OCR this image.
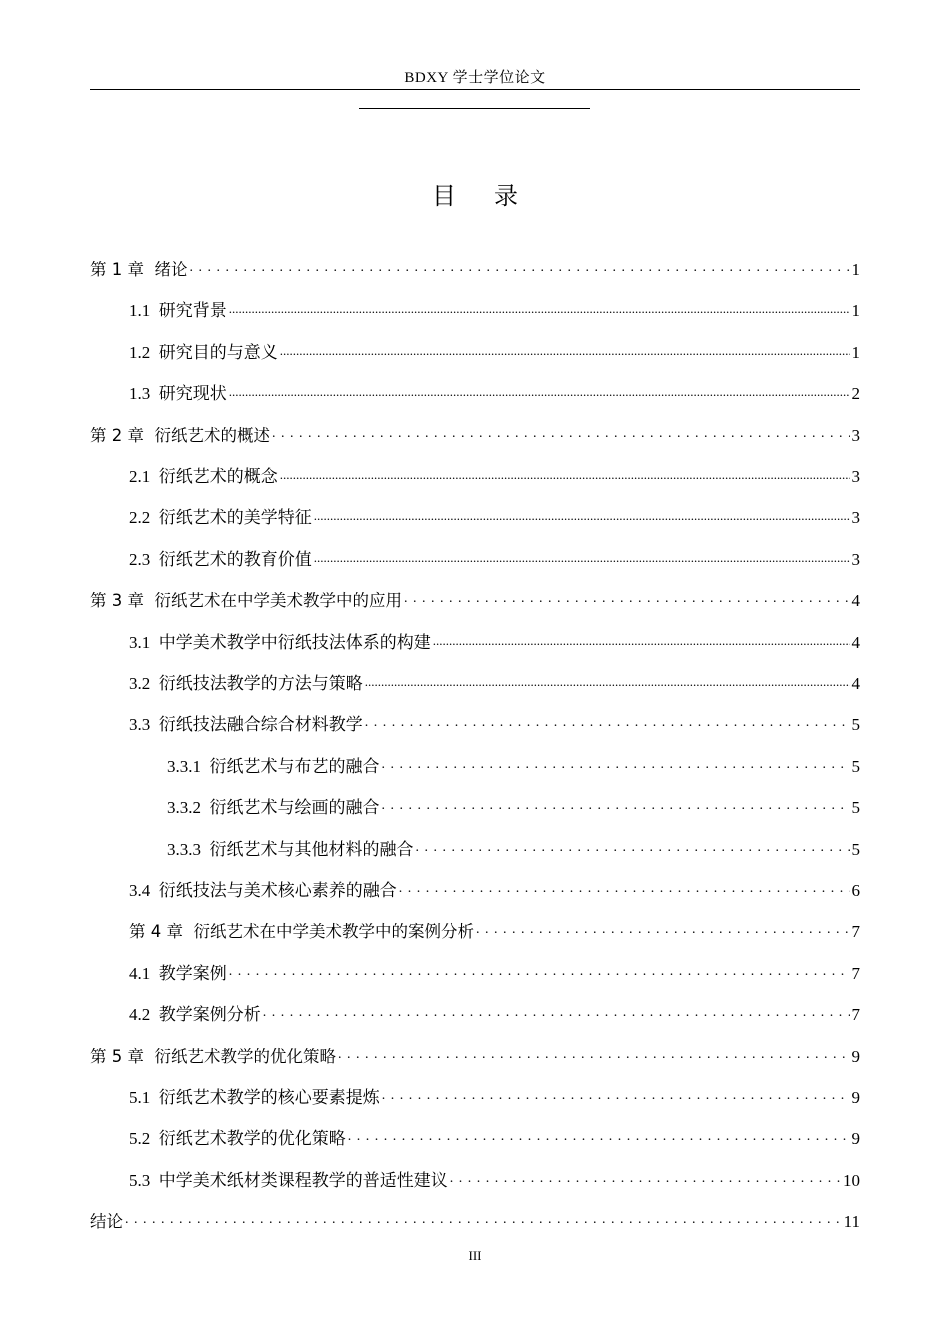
BDXY 学士学位论文
目录
第 1 章 绪论 . . .	1
1.1 研究背景 .....	1
1.2 研究目的与意义 .....	1
1.3 研究现状 .....	2
第 2 章 衍纸艺术的概述 . . .	3
2.1 衍纸艺术的概念 .....	3
2.2 衍纸艺术的美学特征 .....	3
2.3 衍纸艺术的教育价值 .....	3
第 3 章 衍纸艺术在中学美术教学中的应用 . . .	4
3.1 中学美术教学中衍纸技法体系的构建 .....	4
3.2 衍纸技法教学的方法与策略 .....	4
3.3 衍纸技法融合综合材料教学 . . .	5
3.3.1 衍纸艺术与布艺的融合 . . .	5
3.3.2 衍纸艺术与绘画的融合 . . .	5
3.3.3 衍纸艺术与其他材料的融合 . . .	5
3.4 衍纸技法与美术核心素养的融合 . . .	6
第 4 章 衍纸艺术在中学美术教学中的案例分析 . . .	7
4.1 教学案例 . . .	7
4.2 教学案例分析 . . .	7
第 5 章 衍纸艺术教学的优化策略 . . .	9
5.1 衍纸艺术教学的核心要素提炼 . . .	9
5.2 衍纸艺术教学的优化策略 . . .	9
5.3 中学美术纸材类课程教学的普适性建议 . . .	10
结论 . . .	11
III
